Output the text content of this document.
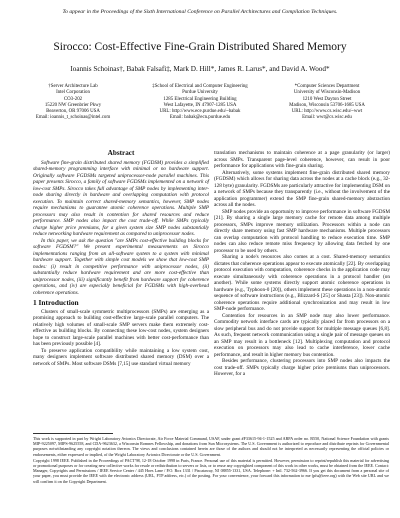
To appear in the Proceedings of the Sixth International Conference on Parallel Architectures and Compilation Techniques.
Sirocco: Cost-Effective Fine-Grain Distributed Shared Memory
Ioannis Schoinas†, Babak Falsafi‡, Mark D. Hill*, James R. Larus*, and David A. Wood*
†Server Architecture Lab
Intel Corporation
CO3-202
15220 NW Greenbrier Pkwy
Beaverton, OR 97006 USA
Email: ioannis_t_schoinas@intel.com
‡School of Electrical and Computer Engineering
Purdue University
1285 Electrical Engineering Building
West Lafayette, IN 47907-1285 USA
URL: http://www.ece.purdue.edu/~babak
Email: babak@ecn.purdue.edu
*Computer Sciences Department
University of Wisconsin-Madison
1210 West Dayton Street
Madison, Wisconsin 53706-1685 USA
URL: http://www.cs.wisc.edu/~wwt
Email: wwt@cs.wisc.edu
Abstract

Software fine-grain distributed shared memory (FGDSM) provides a simplified shared-memory programming interface with minimal or no hardware support. Originally software FGDSMs targeted uniprocessor-node parallel machines. This paper presents Sirocco, a family of software FGDSMs implemented on a network of low-cost SMPs. Sirocco takes full advantage of SMP nodes by implementing inter-node sharing directly in hardware and overlapping computation with protocol execution. To maintain correct shared-memory semantics, however, SMP nodes require mechanisms to guarantee atomic coherence operations. Multiple SMP processors may also result in contention for shared resources and reduce performance. SMP nodes also impact the cost trade-off. While SMPs typically charge higher price premiums, for a given system size SMP nodes substantially reduce networking hardware requirement as compared to uniprocessor nodes.

In this paper, we ask the question "are SMPs cost-effective building blocks for software FGDSM?" We present experimental measurements on Sirocco implementations ranging from an all-software system to a system with minimal hardware support. Together with simple cost models we show that low-cost SMP nodes: (i) result in competitive performance with uniprocessor nodes, (ii) substantially reduce hardware requirement and are more cost-effective than uniprocessor nodes, (iii) significantly benefit from hardware support for coherence operations, and (iv) are especially beneficial for FGDSMs with high-overhead coherence operations.

1 Introduction

Clusters of small-scale symmetric multiprocessors (SMPs) are emerging as a promising approach to building cost-effective large-scale parallel computers. The relatively high volumes of small-scale SMP servers make them extremely cost-effective as building blocks. By connecting these low-cost nodes, system designers hope to construct large-scale parallel machines with better cost-performance than has been previously possible [4].

To preserve application compatibility while maintaining a low system cost, many designers implement software distributed shared memory (DSM) over a network of SMPs. Most software DSMs [7,15] use standard virtual memory

translation mechanisms to maintain coherence at a page granularity (or larger) across SMPs. Transparent page-level coherence, however, can result in poor performance for applications with fine-grain sharing.

Alternatively, some systems implement fine-grain distributed shared memory (FGDSM) which allows for sharing data across the nodes at a cache block (e.g., 32-128 byte) granularity. FGDSMs are particularly attractive for implementing DSM on a network of SMPs because they transparently (i.e., without the involvement of the application programmer) extend the SMP fine-grain shared-memory abstraction across all the nodes.

SMP nodes provide an opportunity to improve performance in software FGDSM [21]. By sharing a single large memory cache for remote data among multiple processors, SMPs improve memory utilization. Processors within a node can directly share memory using fast SMP hardware mechanisms. Multiple processors can overlap computation with protocol handling to reduce execution time. SMP nodes can also reduce remote miss frequency by allowing data fetched by one processor to be used by others.

Sharing a node's resources also comes at a cost. Shared-memory semantics dictates that coherence operations appear to execute atomically [22]. By overlapping protocol execution with computation, coherence checks in the application code may execute simultaneously with coherence operations in a protocol handler (on another). While some systems directly support atomic coherence operations in hardware (e.g., Typhoon-0 [20]), others implement these operations in a non-atomic sequence of software instructions (e.g., Blizzard-S [25] or Shasta [23]). Non-atomic coherence operations require additional synchronization and may result in low SMP-node performance.

Contention for resources in an SMP node may also lower performance. Commodity network interface cards are typically placed far from processors on a slow peripheral bus and do not provide support for multiple message queues [6,8]. As such, frequent network communication using a single pair of message queues on an SMP may result in a bottleneck [12]. Multiplexing computation and protocol execution on processors may also lead to cache interference, lower cache performance, and result in higher memory bus contention.

Besides performance, clustering processors into SMP nodes also impacts the cost trade-off. SMPs typically charge higher price premiums than uniprocessors. However, for a

This work is supported in part by Wright Laboratory Avionics Directorate, Air Force Material Command, USAF, under grant #F33615-94-1-1525 and ARPA order no. B550, National Science Foundation with grants MIP-9225097, MIPS-9625558, and CDA-9623632, a Wisconsin Romnes Fellowship, and donations from Sun Microsystems. The U.S. Government is authorized to reproduce and distribute reprints for Governmental purposes notwithstanding any copyright notation thereon. The views and conclusions contained herein are those of the authors and should not be interpreted as necessarily representing the official policies or endorsements, either expressed or implied, of the Wright Laboratory Avionics Directorate or the U.S. Government.

Copyright 1998 IEEE. Published in the Proceedings of PACT'98, 12-18 October 1998 in Paris, France. Personal use of this material is permitted. However, permission to reprint/republish this material for advertising or promotional purposes or for creating new collective works for resale or redistribution to servers or lists, or to reuse any copyrighted component of this work in other works, must be obtained from the IEEE. Contact: Manager, Copyrights and Permissions / IEEE Service Center / 445 Hoes Lane / P.O. Box 1331 / Piscataway, NJ 08855-1331, USA. Telephone: + Intl. 732-562-3966. If you get this document from a personal site of your paper, you must provide the IEEE with the electronic address (URL, FTP address, etc.) of the posting. For your convenience, your forward this information to me (pfu@ieee.org) with the Web site URL and we will confirm it on the Copyright Department.
